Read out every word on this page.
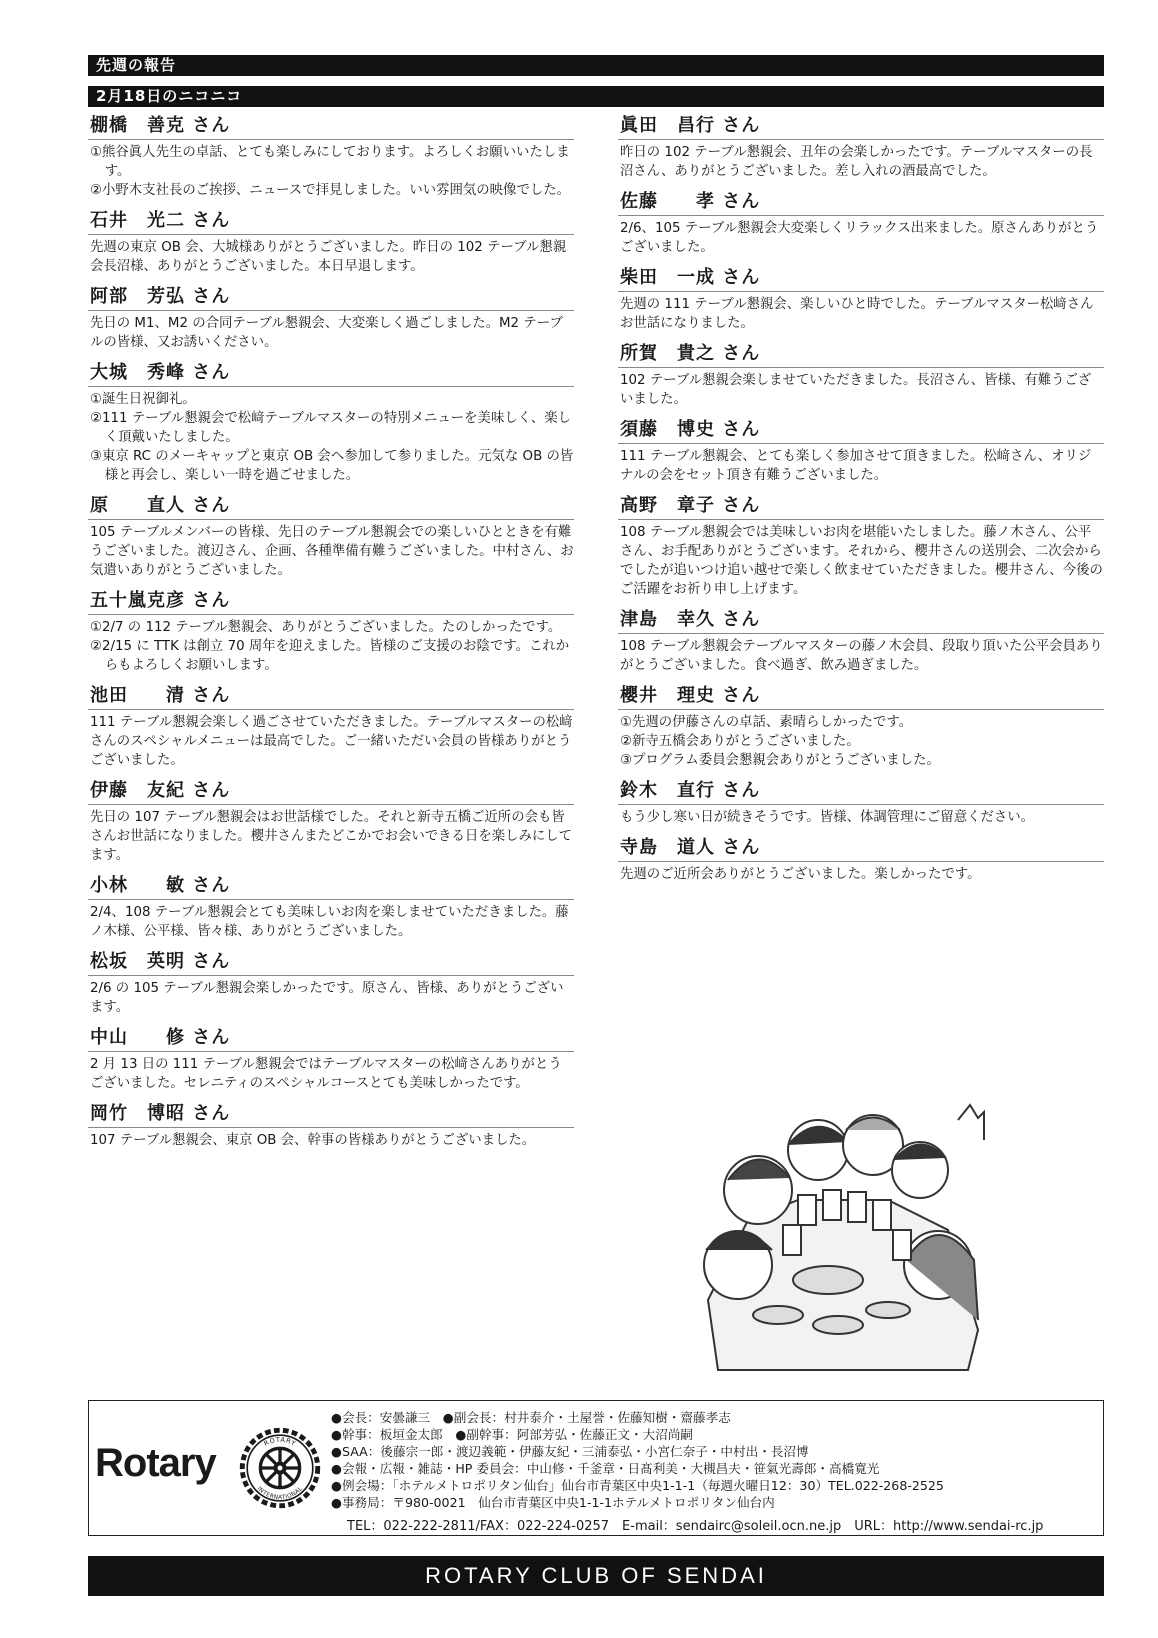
先週の報告
2月18日のニコニコ
棚橋　善克 さん
①熊谷眞人先生の卓話、とても楽しみにしております。よろしくお願いいたします。
②小野木支社長のご挨拶、ニュースで拝見しました。いい雰囲気の映像でした。
石井　光二 さん
先週の東京 OB 会、大城様ありがとうございました。昨日の 102 テーブル懇親会長沼様、ありがとうございました。本日早退します。
阿部　芳弘 さん
先日の M1、M2 の合同テーブル懇親会、大変楽しく過ごしました。M2 テーブルの皆様、又お誘いください。
大城　秀峰 さん
①誕生日祝御礼。
②111 テーブル懇親会で松﨑テーブルマスターの特別メニューを美味しく、楽しく頂戴いたしました。
③東京 RC のメーキャップと東京 OB 会へ参加して参りました。元気な OB の皆様と再会し、楽しい一時を過ごせました。
原　　直人 さん
105 テーブルメンバーの皆様、先日のテーブル懇親会での楽しいひとときを有難うございました。渡辺さん、企画、各種準備有難うございました。中村さん、お気遣いありがとうございました。
五十嵐克彦 さん
①2/7 の 112 テーブル懇親会、ありがとうございました。たのしかったです。
②2/15 に TTK は創立 70 周年を迎えました。皆様のご支援のお陰です。これからもよろしくお願いします。
池田　　清 さん
111 テーブル懇親会楽しく過ごさせていただきました。テーブルマスターの松﨑さんのスペシャルメニューは最高でした。ご一緒いただい会員の皆様ありがとうございました。
伊藤　友紀 さん
先日の 107 テーブル懇親会はお世話様でした。それと新寺五橋ご近所の会も皆さんお世話になりました。櫻井さんまたどこかでお会いできる日を楽しみにしてます。
小林　　敏 さん
2/4、108 テーブル懇親会とても美味しいお肉を楽しませていただきました。藤ノ木様、公平様、皆々様、ありがとうございました。
松坂　英明 さん
2/6 の 105 テーブル懇親会楽しかったです。原さん、皆様、ありがとうございます。
中山　　修 さん
2 月 13 日の 111 テーブル懇親会ではテーブルマスターの松﨑さんありがとうございました。セレニティのスペシャルコースとても美味しかったです。
岡竹　博昭 さん
107 テーブル懇親会、東京 OB 会、幹事の皆様ありがとうございました。
眞田　昌行 さん
昨日の 102 テーブル懇親会、丑年の会楽しかったです。テーブルマスターの長沼さん、ありがとうございました。差し入れの酒最高でした。
佐藤　　孝 さん
2/6、105 テーブル懇親会大変楽しくリラックス出来ました。原さんありがとうございました。
柴田　一成 さん
先週の 111 テーブル懇親会、楽しいひと時でした。テーブルマスター松﨑さんお世話になりました。
所賀　貴之 さん
102 テーブル懇親会楽しませていただきました。長沼さん、皆様、有難うございました。
須藤　博史 さん
111 テーブル懇親会、とても楽しく参加させて頂きました。松﨑さん、オリジナルの会をセット頂き有難うございました。
高野　章子 さん
108 テーブル懇親会では美味しいお肉を堪能いたしました。藤ノ木さん、公平さん、お手配ありがとうございます。それから、櫻井さんの送別会、二次会からでしたが追いつけ追い越せで楽しく飲ませていただきました。櫻井さん、今後のご活躍をお祈り申し上げます。
津島　幸久 さん
108 テーブル懇親会テーブルマスターの藤ノ木会員、段取り頂いた公平会員ありがとうございました。食べ過ぎ、飲み過ぎました。
櫻井　理史 さん
①先週の伊藤さんの卓話、素晴らしかったです。
②新寺五橋会ありがとうございました。
③プログラム委員会懇親会ありがとうございました。
鈴木　直行 さん
もう少し寒い日が続きそうです。皆様、体調管理にご留意ください。
寺島　道人 さん
先週のご近所会ありがとうございました。楽しかったです。
Rotary	ROTARY
INTERNATIONAL
●会長：安曇謙三　●副会長：村井泰介・土屋誉・佐藤知樹・齋藤孝志
●幹事：板垣金太郎　●副幹事：阿部芳弘・佐藤正文・大沼尚嗣
●SAA：後藤宗一郎・渡辺義範・伊藤友紀・三浦泰弘・小宮仁奈子・中村出・長沼博
●会報・広報・雑誌・HP 委員会：中山修・千釜章・日髙利美・大槻昌夫・笹氣光壽郎・高橋寛光
●例会場：「ホテルメトロポリタン仙台」仙台市青葉区中央1-1-1（毎週火曜日12：30）TEL.022-268-2525
●事務局：〒980-0021　仙台市青葉区中央1-1-1ホテルメトロポリタン仙台内
TEL：022-222-2811/FAX：022-224-0257　E-mail：sendairc@soleil.ocn.ne.jp　URL：http://www.sendai-rc.jp
ROTARY CLUB OF SENDAI
